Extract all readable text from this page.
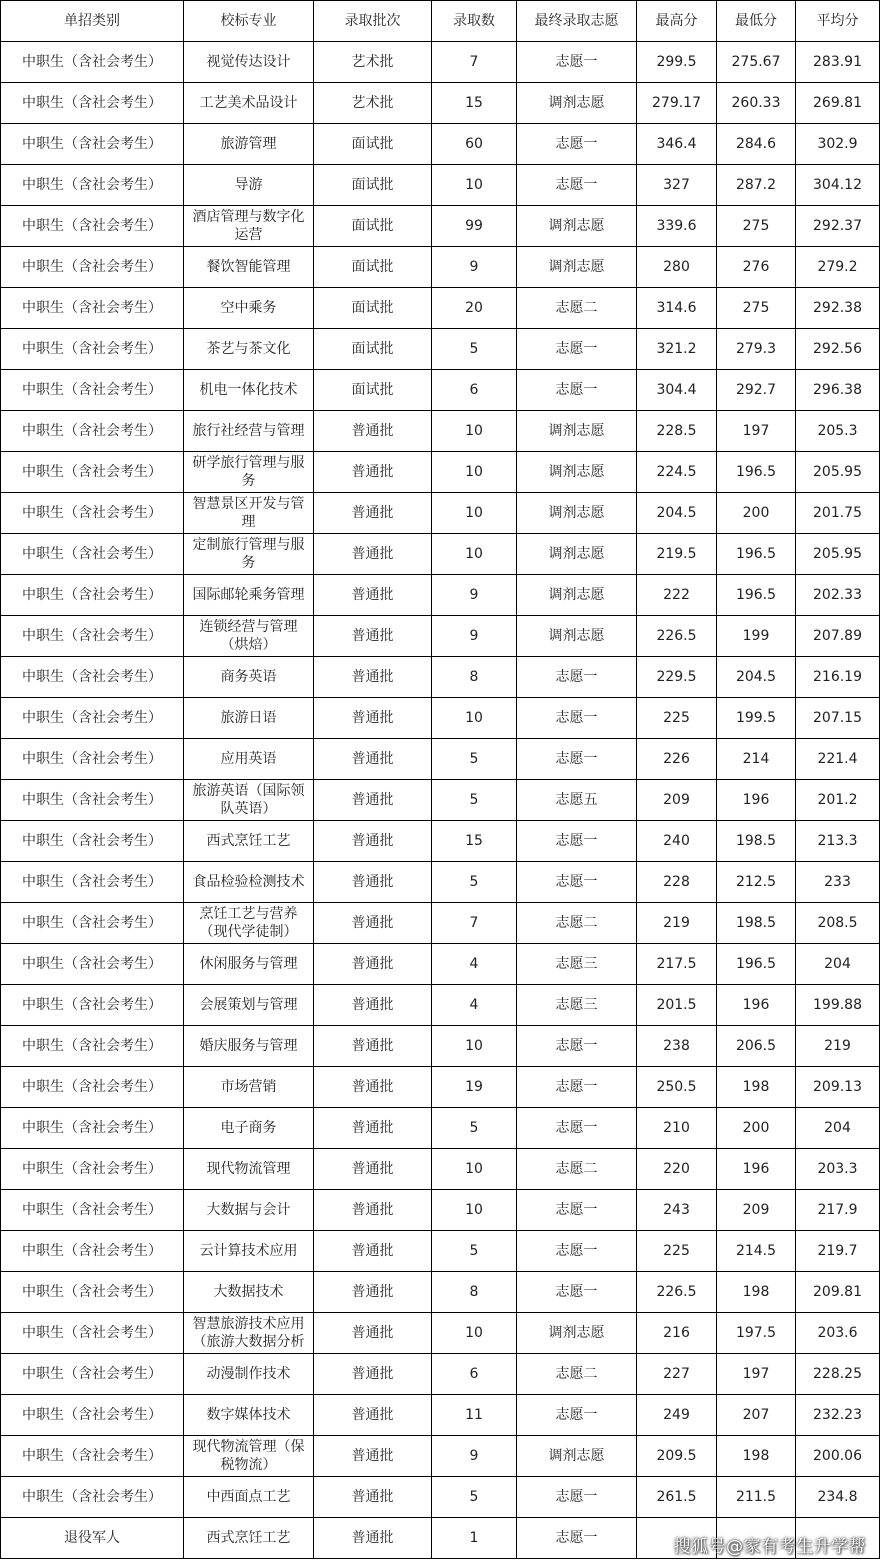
单招类别	校标专业	录取批次	录取数	最终录取志愿	最高分	最低分	平均分
中职生（含社会考生）	视觉传达设计	艺术批	7	志愿一	299.5	275.67	283.91
中职生（含社会考生）	工艺美术品设计	艺术批	15	调剂志愿	279.17	260.33	269.81
中职生（含社会考生）	旅游管理	面试批	60	志愿一	346.4	284.6	302.9
中职生（含社会考生）	导游	面试批	10	志愿一	327	287.2	304.12
中职生（含社会考生）	酒店管理与数字化运营	面试批	99	调剂志愿	339.6	275	292.37
中职生（含社会考生）	餐饮智能管理	面试批	9	调剂志愿	280	276	279.2
中职生（含社会考生）	空中乘务	面试批	20	志愿二	314.6	275	292.38
中职生（含社会考生）	茶艺与茶文化	面试批	5	志愿一	321.2	279.3	292.56
中职生（含社会考生）	机电一体化技术	面试批	6	志愿一	304.4	292.7	296.38
中职生（含社会考生）	旅行社经营与管理	普通批	10	调剂志愿	228.5	197	205.3
中职生（含社会考生）	研学旅行管理与服务	普通批	10	调剂志愿	224.5	196.5	205.95
中职生（含社会考生）	智慧景区开发与管理	普通批	10	调剂志愿	204.5	200	201.75
中职生（含社会考生）	定制旅行管理与服务	普通批	10	调剂志愿	219.5	196.5	205.95
中职生（含社会考生）	国际邮轮乘务管理	普通批	9	调剂志愿	222	196.5	202.33
中职生（含社会考生）	连锁经营与管理（烘焙）	普通批	9	调剂志愿	226.5	199	207.89
中职生（含社会考生）	商务英语	普通批	8	志愿一	229.5	204.5	216.19
中职生（含社会考生）	旅游日语	普通批	10	志愿一	225	199.5	207.15
中职生（含社会考生）	应用英语	普通批	5	志愿一	226	214	221.4
中职生（含社会考生）	旅游英语（国际领队英语）	普通批	5	志愿五	209	196	201.2
中职生（含社会考生）	西式烹饪工艺	普通批	15	志愿一	240	198.5	213.3
中职生（含社会考生）	食品检验检测技术	普通批	5	志愿一	228	212.5	233
中职生（含社会考生）	烹饪工艺与营养（现代学徒制）	普通批	7	志愿二	219	198.5	208.5
中职生（含社会考生）	休闲服务与管理	普通批	4	志愿三	217.5	196.5	204
中职生（含社会考生）	会展策划与管理	普通批	4	志愿三	201.5	196	199.88
中职生（含社会考生）	婚庆服务与管理	普通批	10	志愿一	238	206.5	219
中职生（含社会考生）	市场营销	普通批	19	志愿一	250.5	198	209.13
中职生（含社会考生）	电子商务	普通批	5	志愿一	210	200	204
中职生（含社会考生）	现代物流管理	普通批	10	志愿二	220	196	203.3
中职生（含社会考生）	大数据与会计	普通批	10	志愿一	243	209	217.9
中职生（含社会考生）	云计算技术应用	普通批	5	志愿一	225	214.5	219.7
中职生（含社会考生）	大数据技术	普通批	8	志愿一	226.5	198	209.81
中职生（含社会考生）	智慧旅游技术应用（旅游大数据分析	普通批	10	调剂志愿	216	197.5	203.6
中职生（含社会考生）	动漫制作技术	普通批	6	志愿二	227	197	228.25
中职生（含社会考生）	数字媒体技术	普通批	11	志愿一	249	207	232.23
中职生（含社会考生）	现代物流管理（保税物流）	普通批	9	调剂志愿	209.5	198	200.06
中职生（含社会考生）	中西面点工艺	普通批	5	志愿一	261.5	211.5	234.8
退役军人	西式烹饪工艺	普通批	1	志愿一				搜狐号@家有考生升学帮
